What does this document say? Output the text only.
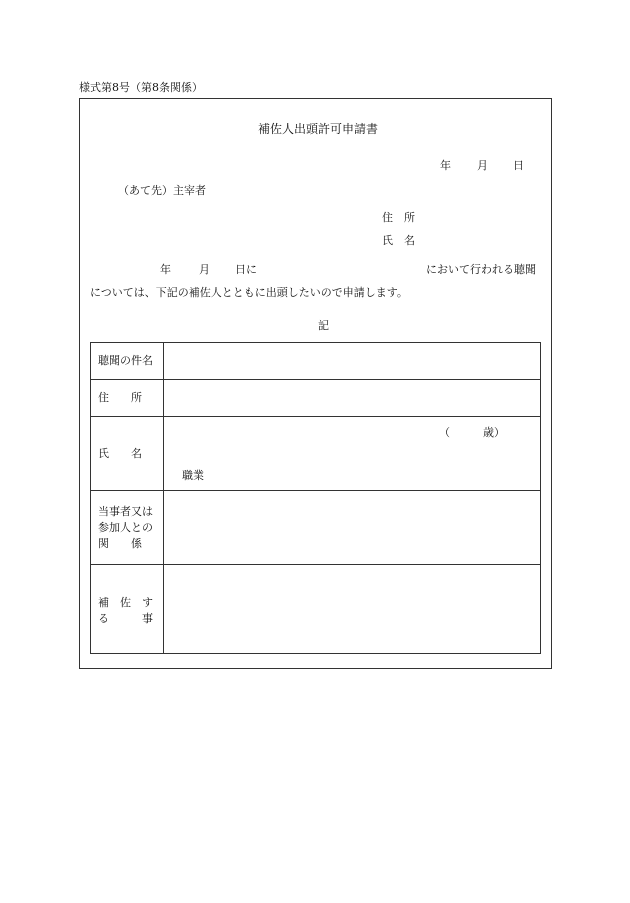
様式第8号（第8条関係）
補佐人出頭許可申請書
年 月 日
（あて先）主宰者
住　所
氏　名
年	月 日に	において行われる聴聞
については、下記の補佐人とともに出頭したいので申請します。
記
聴聞の件名	

住　　所	

氏　　名	（　　　歳）
職業

当事者又は
参加人との
関　　係	

補　佐　す
る　　　事	
